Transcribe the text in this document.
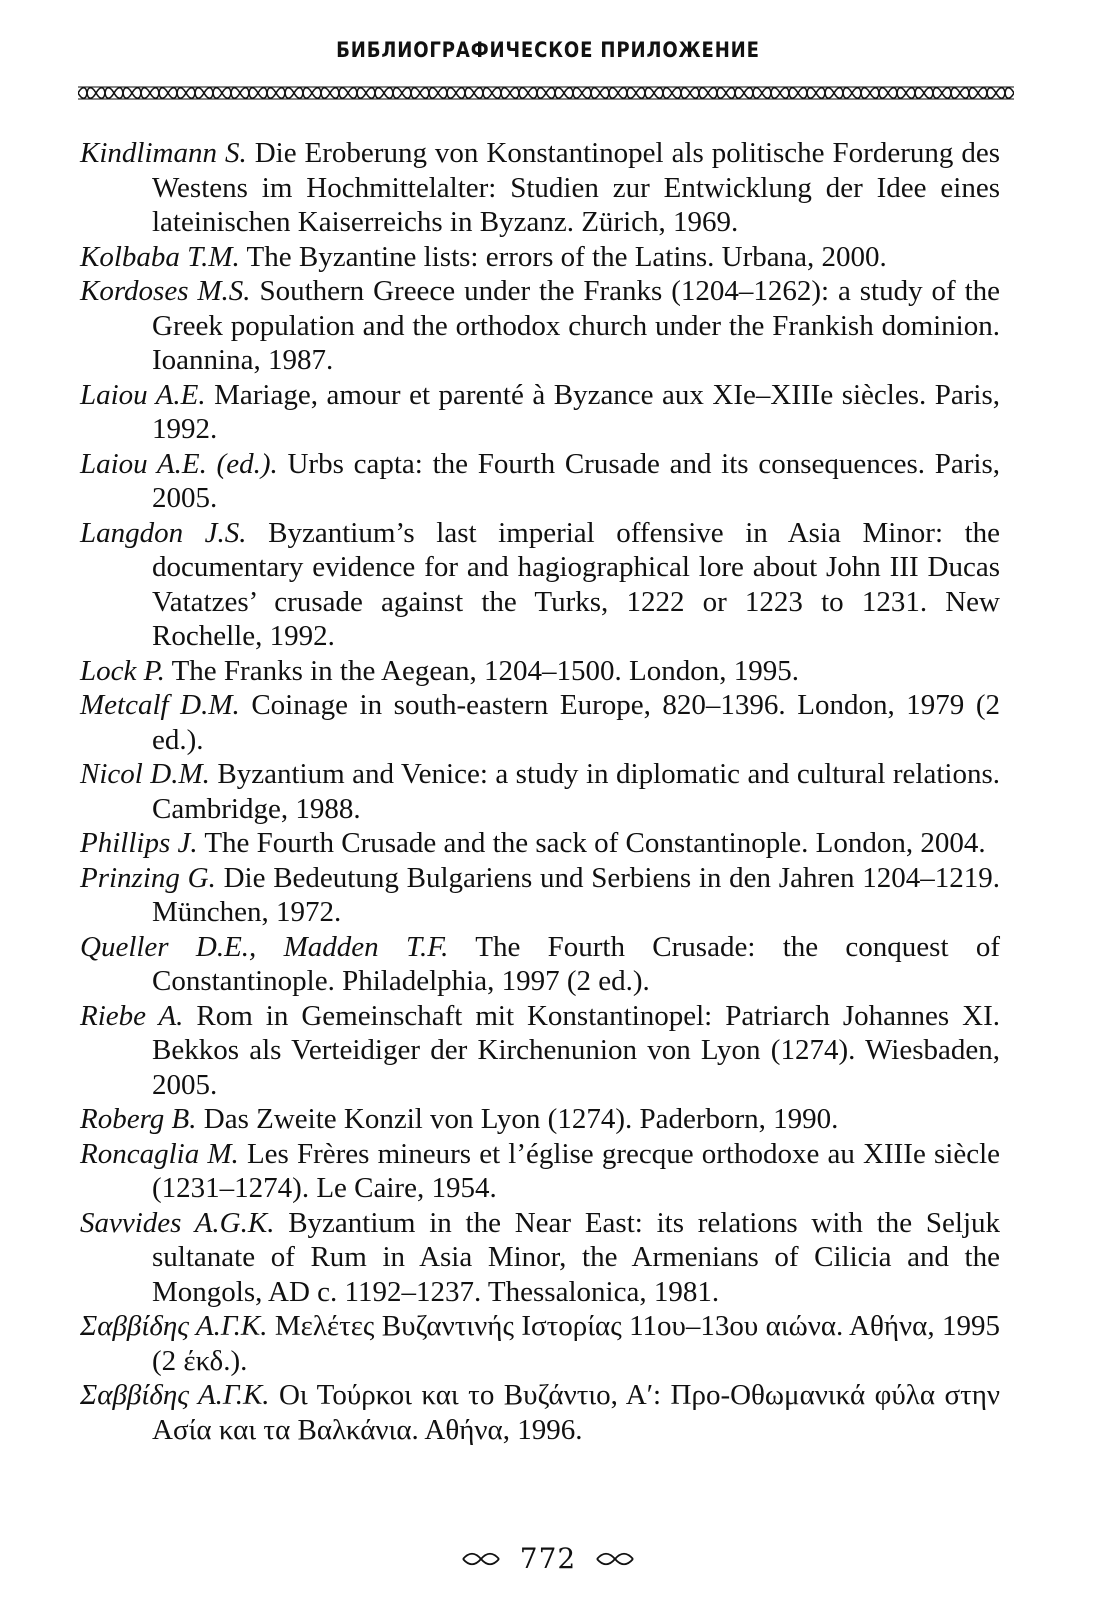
БИБЛИОГРАФИЧЕСКОЕ ПРИЛОЖЕНИЕ

Kindlimann S. Die Eroberung von Konstantinopel als politische Forderung des Westens im Hochmittelalter: Studien zur Entwicklung der Idee eines lateinischen Kaiserreichs in Byzanz. Zürich, 1969.

Kolbaba T.M. The Byzantine lists: errors of the Latins. Urbana, 2000.

Kordoses M.S. Southern Greece under the Franks (1204–1262): a study of the Greek population and the orthodox church under the Frankish dominion. Ioannina, 1987.

Laiou A.E. Mariage, amour et parenté à Byzance aux XIe–XIIIe siècles. Paris, 1992.

Laiou A.E. (ed.). Urbs capta: the Fourth Crusade and its consequences. Paris, 2005.

Langdon J.S. Byzantium’s last imperial offensive in Asia Minor: the documentary evidence for and hagiographical lore about John III Ducas Vatatzes’ crusade against the Turks, 1222 or 1223 to 1231. New Rochelle, 1992.

Lock P. The Franks in the Aegean, 1204–1500. London, 1995.

Metcalf D.M. Coinage in south-eastern Europe, 820–1396. London, 1979 (2 ed.).

Nicol D.M. Byzantium and Venice: a study in diplomatic and cultural relations. Cambridge, 1988.

Phillips J. The Fourth Crusade and the sack of Constantinople. London, 2004.

Prinzing G. Die Bedeutung Bulgariens und Serbiens in den Jahren 1204–1219. München, 1972.

Queller D.E., Madden T.F. The Fourth Crusade: the conquest of Constantinople. Philadelphia, 1997 (2 ed.).

Riebe A. Rom in Gemeinschaft mit Konstantinopel: Patriarch Johannes XI. Bekkos als Verteidiger der Kirchenunion von Lyon (1274). Wiesbaden, 2005.

Roberg B. Das Zweite Konzil von Lyon (1274). Paderborn, 1990.

Roncaglia M. Les Frères mineurs et l’église grecque orthodoxe au XIIIe siècle (1231–1274). Le Caire, 1954.

Savvides A.G.K. Byzantium in the Near East: its relations with the Seljuk sultanate of Rum in Asia Minor, the Armenians of Cilicia and the Mongols, AD c. 1192–1237. Thessalonica, 1981.

Σαββίδης Α.Γ.Κ. Μελέτες Βυζαντινής Ιστορίας 11ου–13ου αιώνα. Αθήνα, 1995 (2 έκδ.).

Σαββίδης Α.Γ.Κ. Οι Τούρκοι και το Βυζάντιο, Α′: Προ-Οθωμανικά φύλα στην Ασία και τα Βαλκάνια. Αθήνα, 1996.

772
